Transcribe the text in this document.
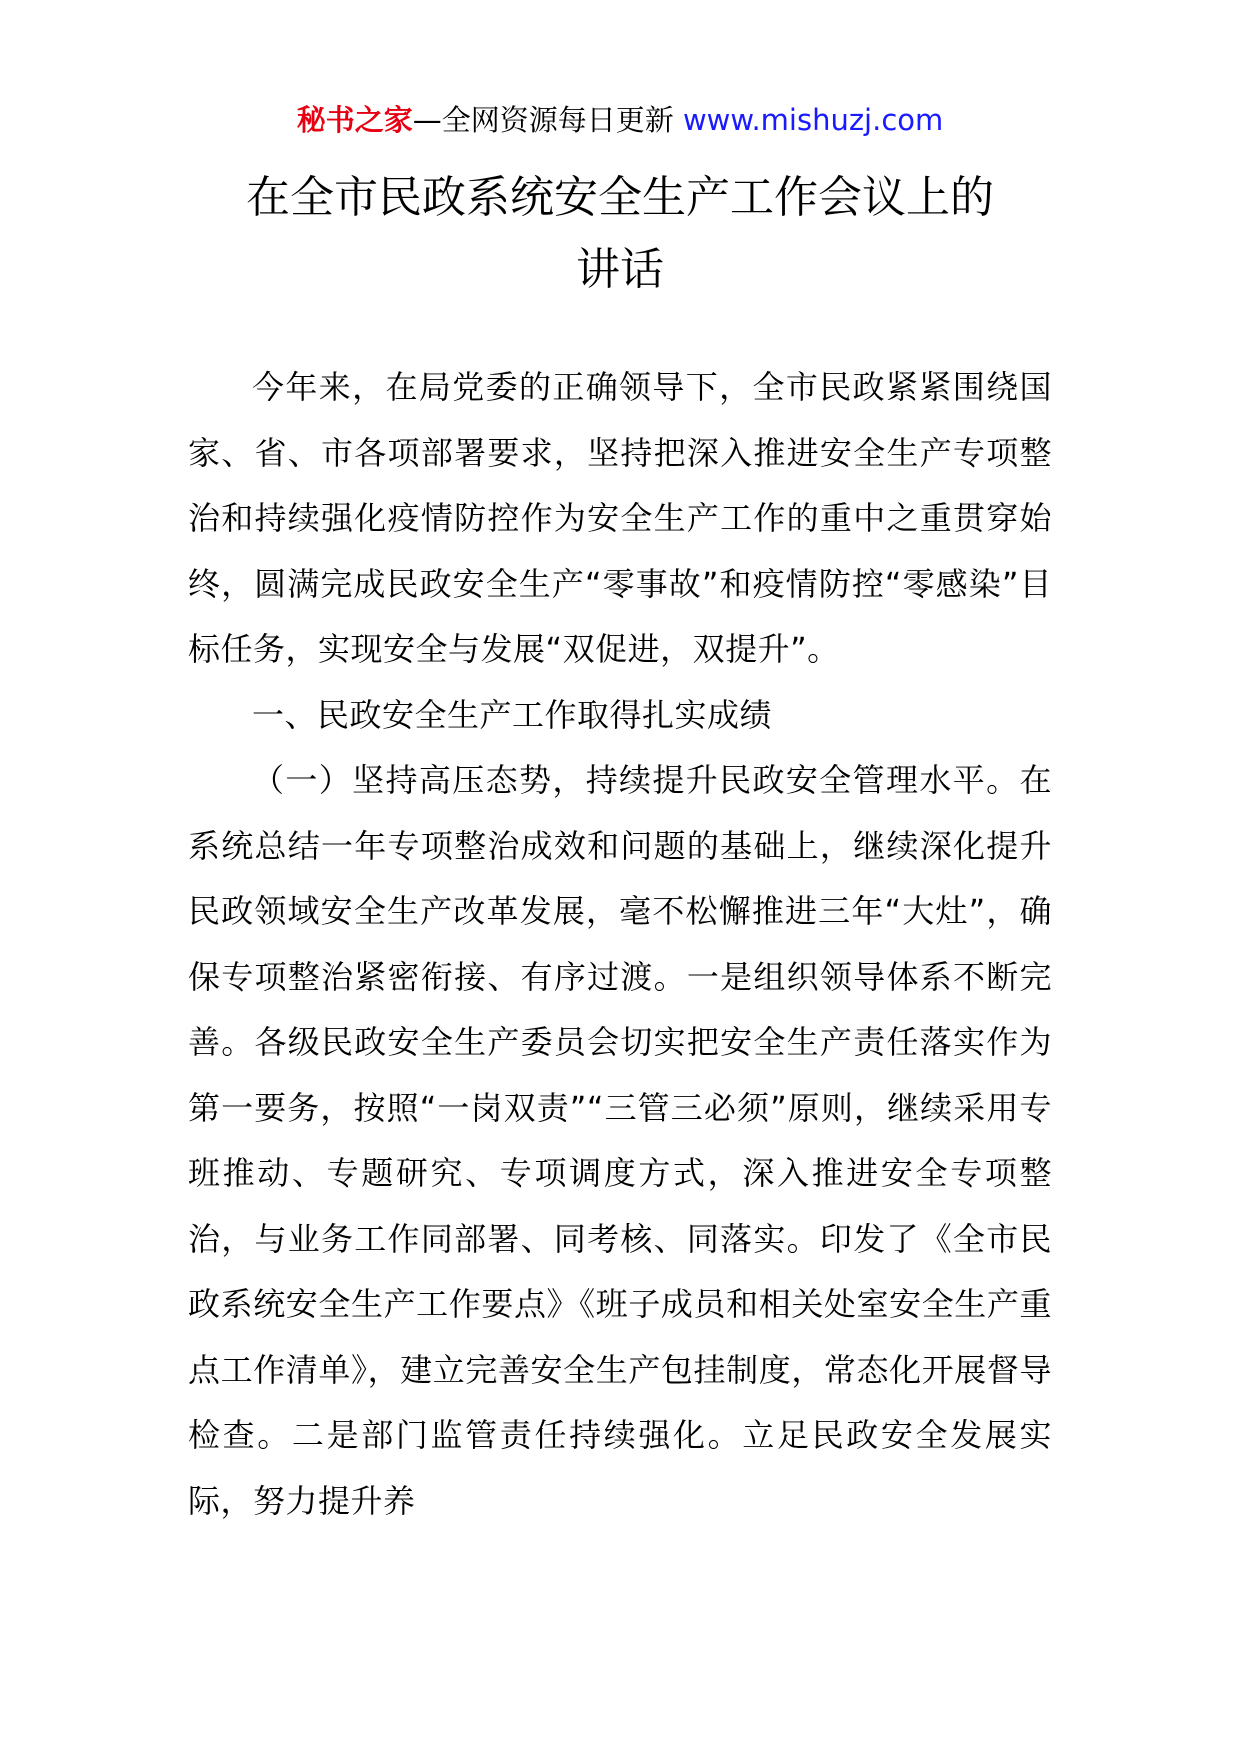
秘书之家—全网资源每日更新 www.mishuzj.com
在全市民政系统安全生产工作会议上的
讲话

今年来，在局党委的正确领导下，全市民政紧紧围绕国家、省、市各项部署要求，坚持把深入推进安全生产专项整治和持续强化疫情防控作为安全生产工作的重中之重贯穿始终，圆满完成民政安全生产“零事故”和疫情防控“零感染”目标任务，实现安全与发展“双促进，双提升”。

一、民政安全生产工作取得扎实成绩

（一）坚持高压态势，持续提升民政安全管理水平。在系统总结一年专项整治成效和问题的基础上，继续深化提升民政领域安全生产改革发展，毫不松懈推进三年“大灶”，确保专项整治紧密衔接、有序过渡。一是组织领导体系不断完善。各级民政安全生产委员会切实把安全生产责任落实作为第一要务，按照“一岗双责”“三管三必须”原则，继续采用专班推动、专题研究、专项调度方式，深入推进安全专项整治，与业务工作同部署、同考核、同落实。印发了《全市民政系统安全生产工作要点》《班子成员和相关处室安全生产重点工作清单》，建立完善安全生产包挂制度，常态化开展督导检查。二是部门监管责任持续强化。立足民政安全发展实际，努力提升养
